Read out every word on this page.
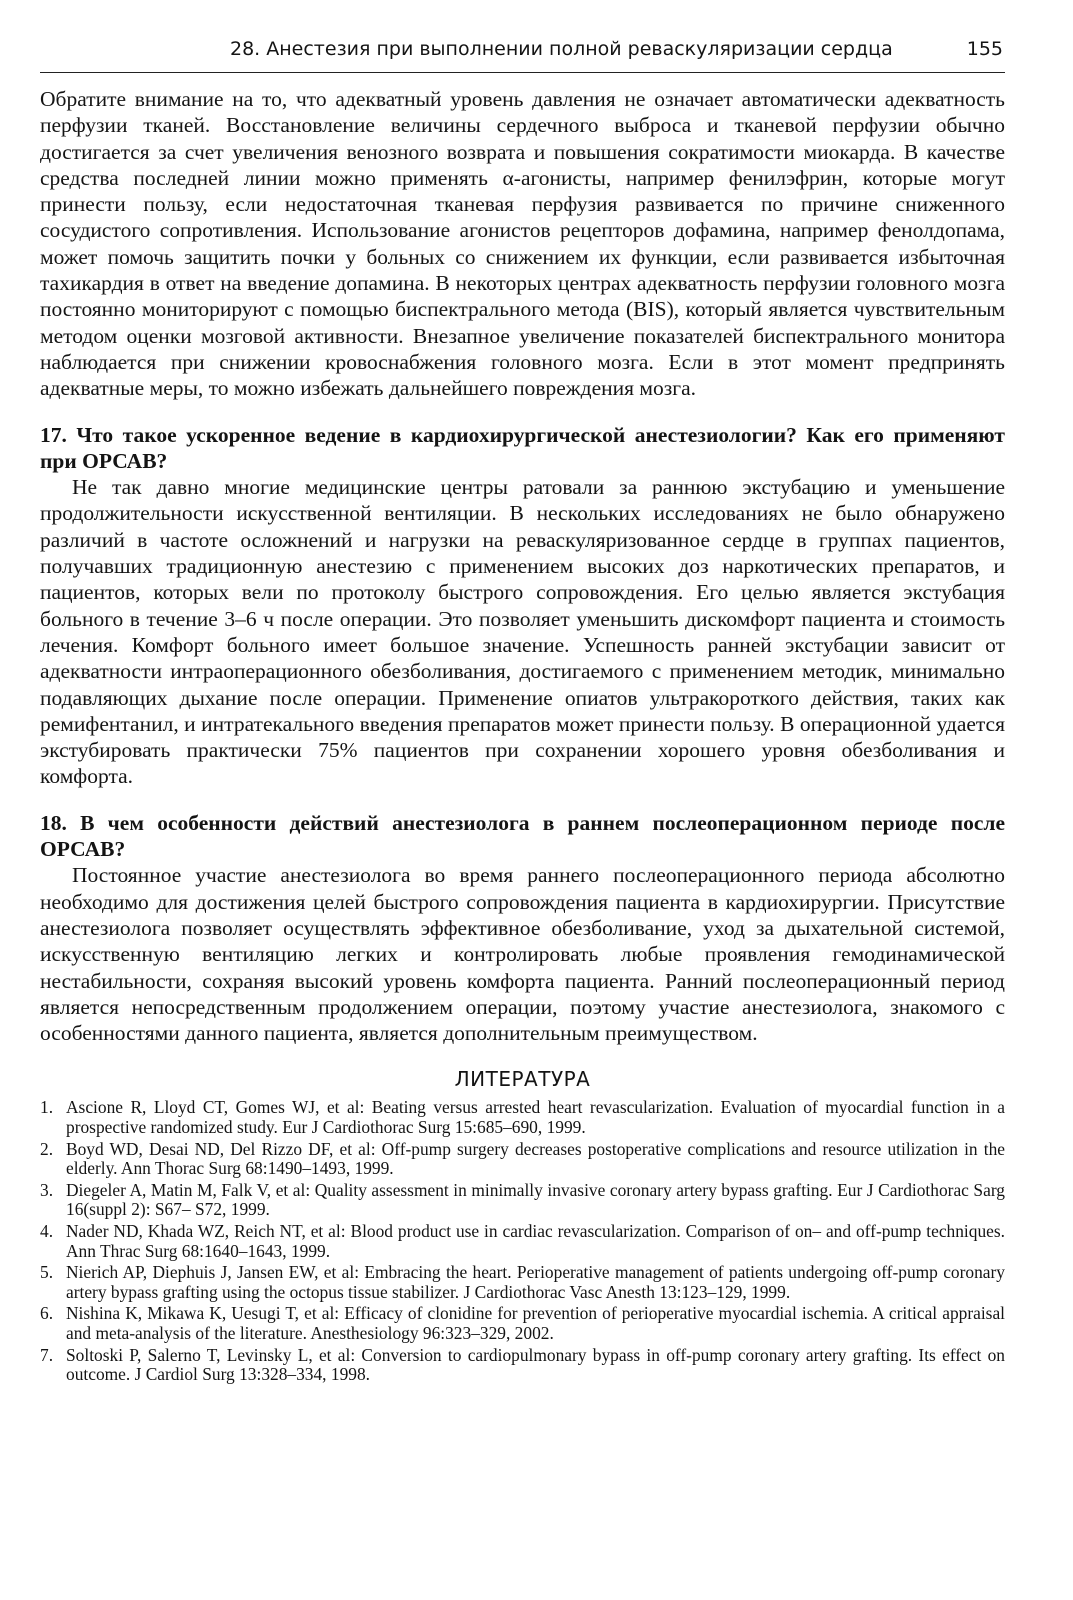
28. Анестезия при выполнении полной реваскуляризации сердца	155

Обратите внимание на то, что адекватный уровень давления не означает автоматически адекватность перфузии тканей. Восстановление величины сердечного выброса и тканевой перфузии обычно достигается за счет увеличения венозного возврата и повышения сократимости миокарда. В качестве средства последней линии можно применять α-агонисты, например фенилэфрин, которые могут принести пользу, если недостаточная тканевая перфузия развивается по причине сниженного сосудистого сопротивления. Использование агонистов рецепторов дофамина, например фенолдопама, может помочь защитить почки у больных со снижением их функции, если развивается избыточная тахикардия в ответ на введение допамина. В некоторых центрах адекватность перфузии головного мозга постоянно мониторируют с помощью биспектрального метода (BIS), который является чувствительным методом оценки мозговой активности. Внезапное увеличение показателей биспектрального монитора наблюдается при снижении кровоснабжения головного мозга. Если в этот момент предпринять адекватные меры, то можно избежать дальнейшего повреждения мозга.

17. Что такое ускоренное ведение в кардиохирургической анестезиологии? Как его применяют при ОРСАВ?

Не так давно многие медицинские центры ратовали за раннюю экстубацию и уменьшение продолжительности искусственной вентиляции. В нескольких исследованиях не было обнаружено различий в частоте осложнений и нагрузки на реваскуляризованное сердце в группах пациентов, получавших традиционную анестезию с применением высоких доз наркотических препаратов, и пациентов, которых вели по протоколу быстрого сопровождения. Его целью является экстубация больного в течение 3–6 ч после операции. Это позволяет уменьшить дискомфорт пациента и стоимость лечения. Комфорт больного имеет большое значение. Успешность ранней экстубации зависит от адекватности интраоперационного обезболивания, достигаемого с применением методик, минимально подавляющих дыхание после операции. Применение опиатов ультракороткого действия, таких как ремифентанил, и интратекального введения препаратов может принести пользу. В операционной удается экстубировать практически 75% пациентов при сохранении хорошего уровня обезболивания и комфорта.

18. В чем особенности действий анестезиолога в раннем послеоперационном периоде после ОРСАВ?

Постоянное участие анестезиолога во время раннего послеоперационного периода абсолютно необходимо для достижения целей быстрого сопровождения пациента в кардиохирургии. Присутствие анестезиолога позволяет осуществлять эффективное обезболивание, уход за дыхательной системой, искусственную вентиляцию легких и контролировать любые проявления гемодинамической нестабильности, сохраняя высокий уровень комфорта пациента. Ранний послеоперационный период является непосредственным продолжением операции, поэтому участие анестезиолога, знакомого с особенностями данного пациента, является дополнительным преимуществом.

ЛИТЕРАТУРА
1. Ascione R, Lloyd CT, Gomes WJ, et al: Beating versus arrested heart revascularization. Evaluation of myocardial function in a prospective randomized study. Eur J Cardiothorac Surg 15:685–690, 1999.
2. Boyd WD, Desai ND, Del Rizzo DF, et al: Off-pump surgery decreases postoperative complications and resource utilization in the elderly. Ann Thorac Surg 68:1490–1493, 1999.
3. Diegeler A, Matin M, Falk V, et al: Quality assessment in minimally invasive coronary artery bypass grafting. Eur J Cardiothorac Sarg 16(suppl 2): S67– S72, 1999.
4. Nader ND, Khada WZ, Reich NT, et al: Blood product use in cardiac revascularization. Comparison of on– and off-pump techniques. Ann Thrac Surg 68:1640–1643, 1999.
5. Nierich AP, Diephuis J, Jansen EW, et al: Embracing the heart. Perioperative management of patients undergoing off-pump coronary artery bypass grafting using the octopus tissue stabilizer. J Cardiothorac Vasc Anesth 13:123–129, 1999.
6. Nishina K, Mikawa K, Uesugi T, et al: Efficacy of clonidine for prevention of perioperative myocardial ischemia. A critical appraisal and meta-analysis of the literature. Anesthesiology 96:323–329, 2002.
7. Soltoski P, Salerno T, Levinsky L, et al: Conversion to cardiopulmonary bypass in off-pump coronary artery grafting. Its effect on outcome. J Cardiol Surg 13:328–334, 1998.
